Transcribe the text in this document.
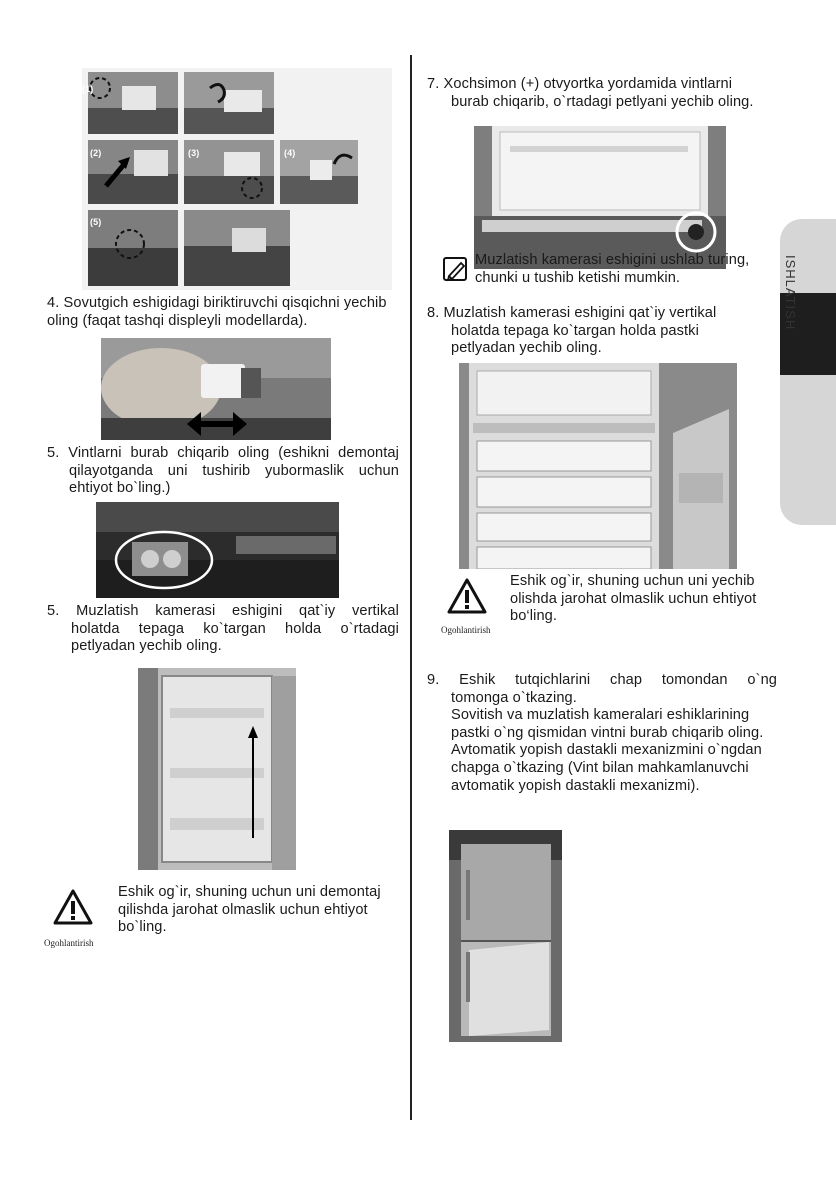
ISHLATISH
(1)
(2)	(3)	(4)
(5)
4. Sovutgich eshigidagi biriktiruvchi qisqichni yechib oling (faqat tashqi displeyli modellarda).

5. Vintlarni burab chiqarib oling (eshikni demontaj

qilayotganda uni tushirib yubormaslik uchun

ehtiyot bo`ling.)

5. Muzlatish kamerasi eshigini qat`iy vertikal

holatda tepaga ko`targan holda o`rtadagi

petlyadan yechib oling.

Ogohlantirish
Eshik og`ir, shuning uchun uni demontaj qilishda jarohat olmaslik uchun ehtiyot bo`ling.

7. Xochsimon (+) otvyortka yordamida vintlarni

burab chiqarib, o`rtadagi petlyani yechib oling.

Muzlatish kamerasi eshigini ushlab turing, chunki u tushib ketishi mumkin.

8. Muzlatish kamerasi eshigini qat`iy vertikal

holatda tepaga ko`targan holda pastki

petlyadan yechib oling.

Ogohlantirish
Eshik og`ir, shuning uchun uni yechib olishda jarohat olmaslik uchun ehtiyot bo‘ling.

9. Eshik tutqichlarini chap tomondan o`ng

tomonga o`tkazing.

Sovitish va muzlatish kameralari eshiklarining pastki o`ng qismidan vintni burab chiqarib oling. Avtomatik yopish dastakli mexanizmini o`ngdan chapga o`tkazing (Vint bilan mahkamlanuvchi avtomatik yopish dastakli mexanizmi).
